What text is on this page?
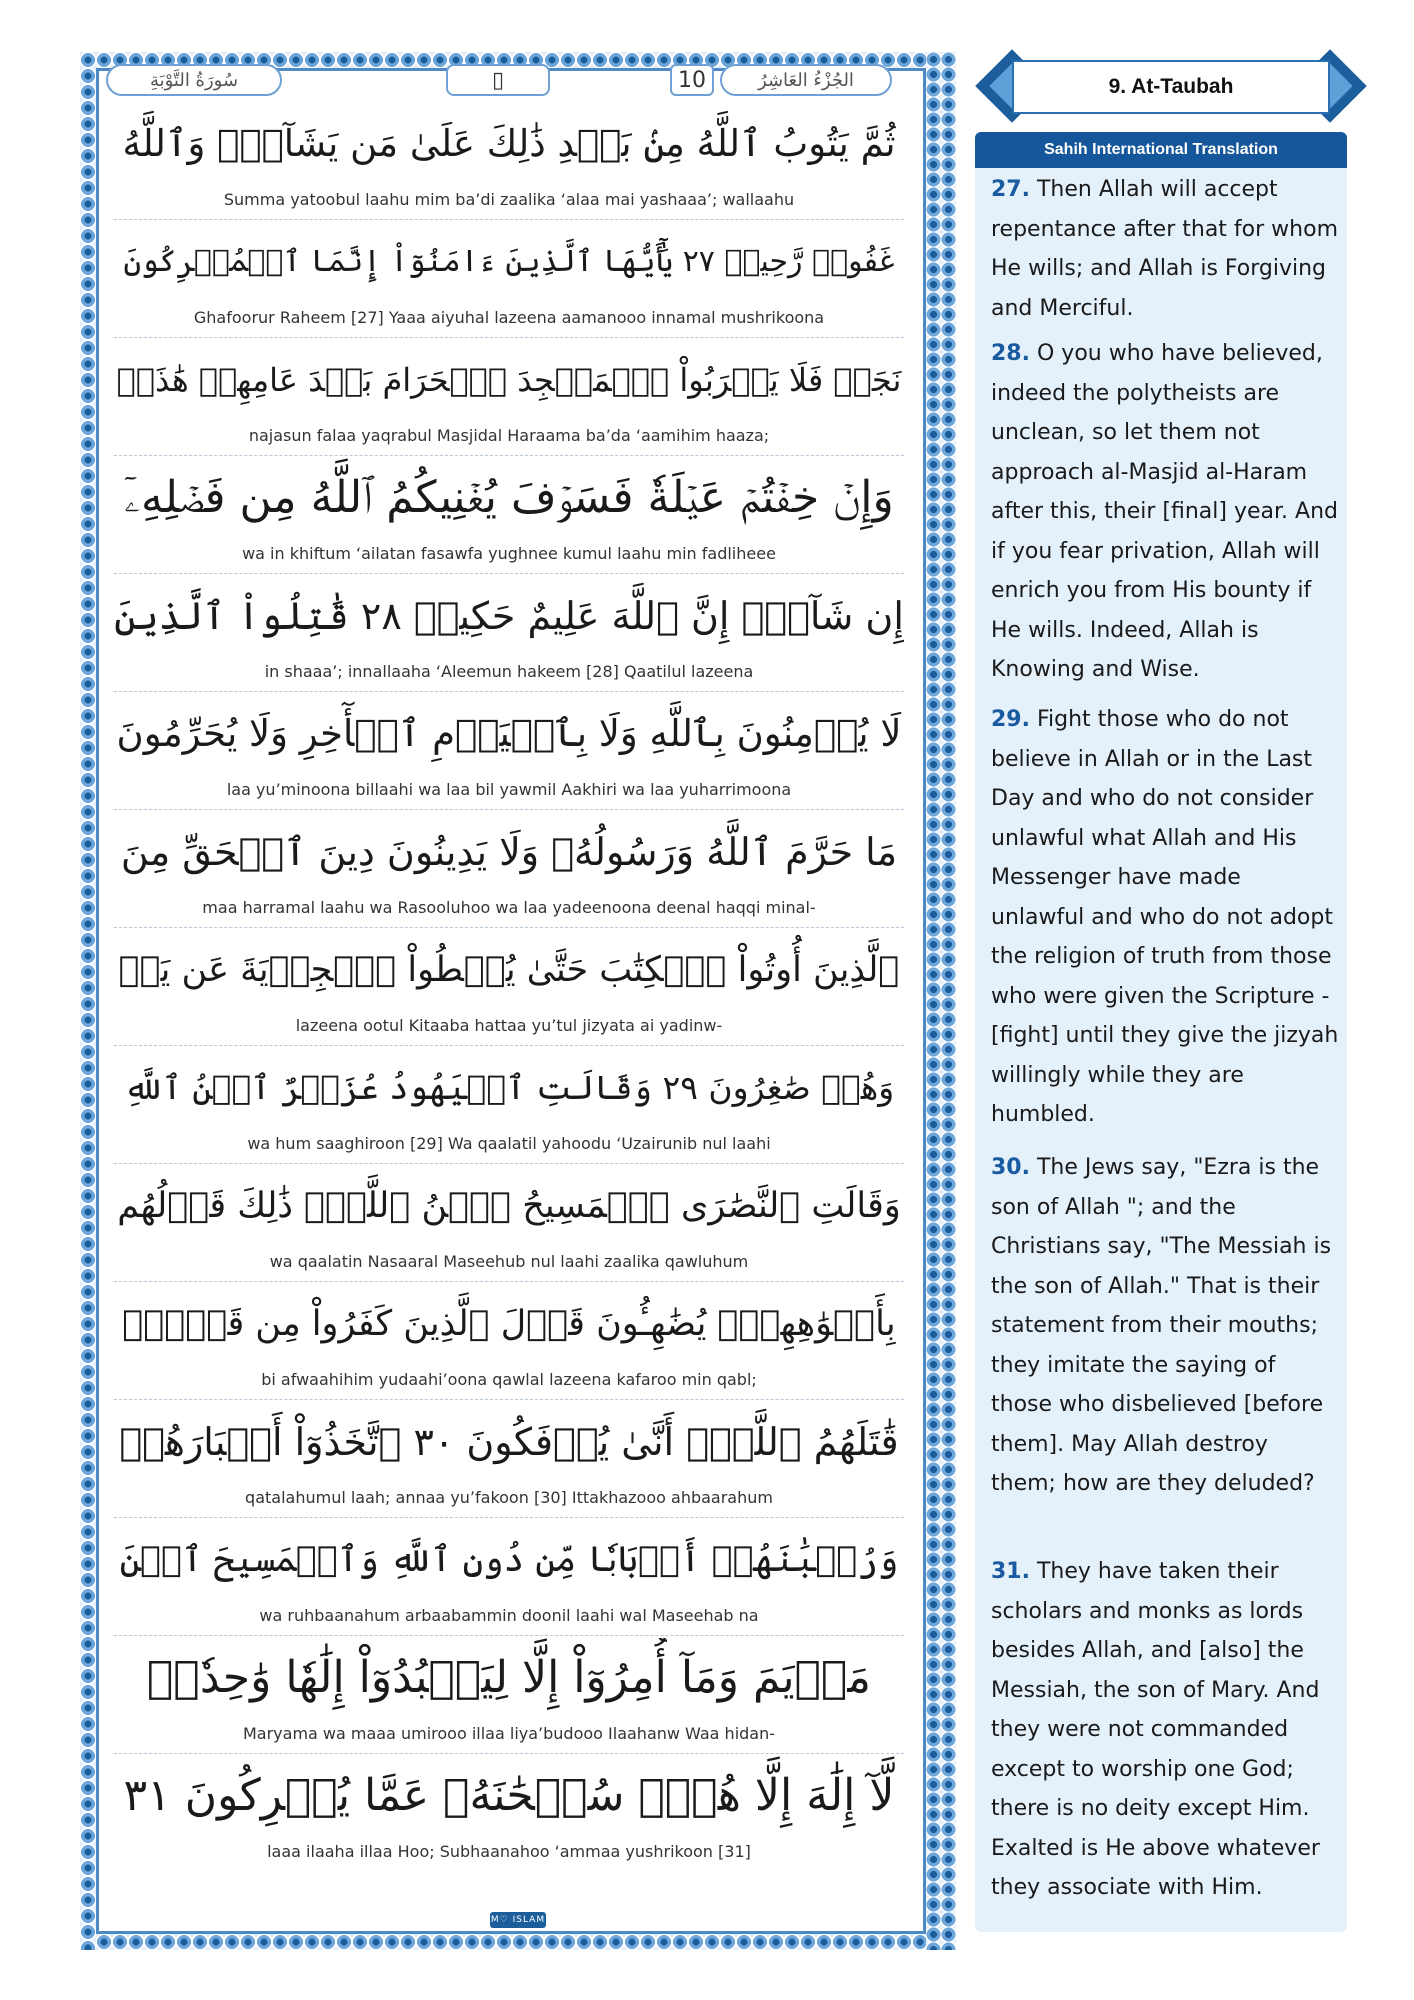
سُورَةُ التَّوْبَةِ	▯	10	الجُزْءُ العَاشِرُ
ثُمَّ يَتُوبُ ٱللَّهُ مِنۢ بَعۡدِ ذَٰلِكَ عَلَىٰ مَن يَشَآءُۗ وَٱللَّهُ
Summa yatoobul laahu mim ba’di zaalika ‘alaa mai yashaaa’; wallaahu
غَفُورٞ رَّحِيمٞ ٢٧ يَٰٓأَيُّهَا ٱلَّذِينَ ءَامَنُوٓاْ إِنَّمَا ٱلۡمُشۡرِكُونَ
Ghafoorur Raheem [27] Yaaa aiyuhal lazeena aamanooo innamal mushrikoona
نَجَسٞ فَلَا يَقۡرَبُواْ ٱلۡمَسۡجِدَ ٱلۡحَرَامَ بَعۡدَ عَامِهِمۡ هَٰذَاۚ
najasun falaa yaqrabul Masjidal Haraama ba’da ‘aamihim haaza;
وَإِنۡ خِفۡتُمۡ عَيۡلَةٗ فَسَوۡفَ يُغۡنِيكُمُ ٱللَّهُ مِن فَضۡلِهِۦٓ
wa in khiftum ‘ailatan fasawfa yughnee kumul laahu min fadliheee
إِن شَآءَۚ إِنَّ ٱللَّهَ عَلِيمٌ حَكِيمٞ ٢٨ قَٰتِلُواْ ٱلَّذِينَ
in shaaa’; innallaaha ‘Aleemun hakeem [28] Qaatilul lazeena
لَا يُؤۡمِنُونَ بِٱللَّهِ وَلَا بِٱلۡيَوۡمِ ٱلۡأٓخِرِ وَلَا يُحَرِّمُونَ
laa yu’minoona billaahi wa laa bil yawmil Aakhiri wa laa yuharrimoona
مَا حَرَّمَ ٱللَّهُ وَرَسُولُهُۥ وَلَا يَدِينُونَ دِينَ ٱلۡحَقِّ مِنَ
maa harramal laahu wa Rasooluhoo wa laa yadeenoona deenal haqqi minal-
ٱلَّذِينَ أُوتُواْ ٱلۡكِتَٰبَ حَتَّىٰ يُعۡطُواْ ٱلۡجِزۡيَةَ عَن يَدٖ
lazeena ootul Kitaaba hattaa yu’tul jizyata ai yadinw-
وَهُمۡ صَٰغِرُونَ ٢٩ وَقَالَتِ ٱلۡيَهُودُ عُزَيۡرٌ ٱبۡنُ ٱللَّهِ
wa hum saaghiroon [29] Wa qaalatil yahoodu ‘Uzairunib nul laahi
وَقَالَتِ ٱلنَّصَٰرَى ٱلۡمَسِيحُ ٱبۡنُ ٱللَّهِۖ ذَٰلِكَ قَوۡلُهُم
wa qaalatin Nasaaral Maseehub nul laahi zaalika qawluhum
بِأَفۡوَٰهِهِمۡۖ يُضَٰهِـُٔونَ قَوۡلَ ٱلَّذِينَ كَفَرُواْ مِن قَبۡلُۚ
bi afwaahihim yudaahi’oona qawlal lazeena kafaroo min qabl;
قَٰتَلَهُمُ ٱللَّهُۖ أَنَّىٰ يُؤۡفَكُونَ ٣٠ ٱتَّخَذُوٓاْ أَحۡبَارَهُمۡ
qatalahumul laah; annaa yu’fakoon [30] Ittakhazooo ahbaarahum
وَرُهۡبَٰنَهُمۡ أَرۡبَابٗا مِّن دُونِ ٱللَّهِ وَٱلۡمَسِيحَ ٱبۡنَ
wa ruhbaanahum arbaabammin doonil laahi wal Maseehab na
مَرۡيَمَ وَمَآ أُمِرُوٓاْ إِلَّا لِيَعۡبُدُوٓاْ إِلَٰهٗا وَٰحِدٗاۖ
Maryama wa maaa umirooo illaa liya’budooo Ilaahanw Waa hidan-
لَّآ إِلَٰهَ إِلَّا هُوَۚ سُبۡحَٰنَهُۥ عَمَّا يُشۡرِكُونَ ٣١
laaa ilaaha illaa Hoo; Subhaanahoo ‘ammaa yushrikoon [31]
M♡ ISLAM
9. At-Taubah
Sahih International Translation

27. Then Allah will accept repentance after that for whom He wills; and Allah is Forgiving and Merciful.

28. O you who have believed, indeed the polytheists are unclean, so let them not approach al-Masjid al-Haram after this, their [final] year. And if you fear privation, Allah will enrich you from His bounty if He wills. Indeed, Allah is Knowing and Wise.

29. Fight those who do not believe in Allah or in the Last Day and who do not consider unlawful what Allah and His Messenger have made unlawful and who do not adopt the religion of truth from those who were given the Scripture - [fight] until they give the jizyah willingly while they are humbled.

30. The Jews say, "Ezra is the son of Allah "; and the Christians say, "The Messiah is the son of Allah." That is their statement from their mouths; they imitate the saying of those who disbelieved [before them]. May Allah destroy them; how are they deluded?

31. They have taken their scholars and monks as lords besides Allah, and [also] the Messiah, the son of Mary. And they were not commanded except to worship one God; there is no deity except Him. Exalted is He above whatever they associate with Him.
